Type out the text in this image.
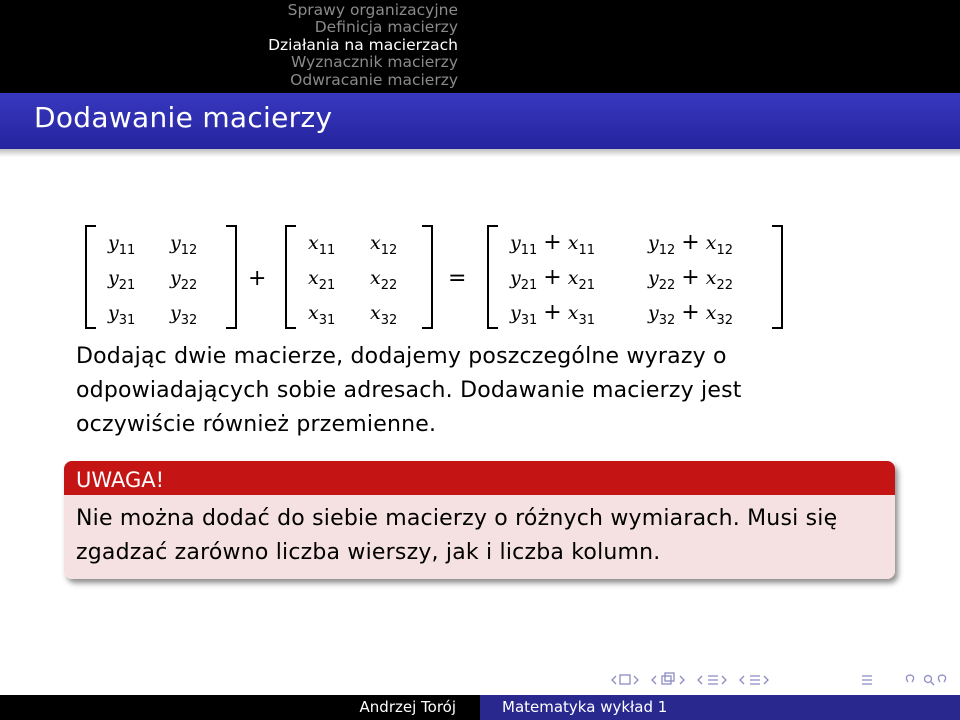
Sprawy organizacyjne
Definicja macierzy
Działania na macierzach
Wyznacznik macierzy
Odwracanie macierzy
Dodawanie macierzy
$y_{11}$ $y_{12}$
$y_{21}$ $y_{22}$
$y_{31}$ $y_{32}$
+
$x_{11}$ $x_{12}$
$x_{21}$ $x_{22}$
$x_{31}$ $x_{32}$
=
$y_{11} + x_{11}$	$y_{12} + x_{12}$
$y_{21} + x_{21}$	$y_{22} + x_{22}$
$y_{31} + x_{31}$	$y_{32} + x_{32}$
Dodając dwie macierze, dodajemy poszczególne wyrazy o
odpowiadających sobie adresach. Dodawanie macierzy jest
oczywiście również przemienne.
UWAGA!
Nie można dodać do siebie macierzy o różnych wymiarach. Musi się
zgadzać zarówno liczba wierszy, jak i liczba kolumn.
Andrzej Torój	Matematyka wykład 1
